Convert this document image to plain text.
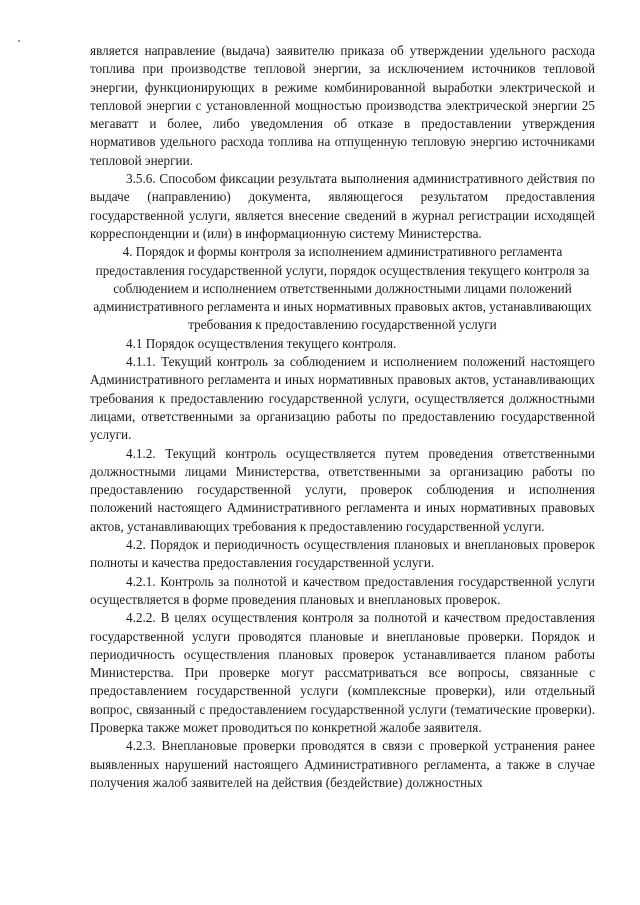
является направление (выдача) заявителю приказа об утверждении удельного расхода топлива при производстве тепловой энергии, за исключением источников тепловой энергии, функционирующих в режиме комбинированной выработки электрической и тепловой энергии с установленной мощностью производства электрической энергии 25 мегаватт и более, либо уведомления об отказе в предоставлении утверждения нормативов удельного расхода топлива на отпущенную тепловую энергию источниками тепловой энергии.

3.5.6. Способом фиксации результата выполнения административного действия по выдаче (направлению) документа, являющегося результатом предоставления государственной услуги, является внесение сведений в журнал регистрации исходящей корреспонденции и (или) в информационную систему Министерства.

4. Порядок и формы контроля за исполнением административного регламента предоставления государственной услуги, порядок осуществления текущего контроля за соблюдением и исполнением ответственными должностными лицами положений административного регламента и иных нормативных правовых актов, устанавливающих требования к предоставлению государственной услуги

4.1 Порядок осуществления текущего контроля.

4.1.1. Текущий контроль за соблюдением и исполнением положений настоящего Административного регламента и иных нормативных правовых актов, устанавливающих требования к предоставлению государственной услуги, осуществляется должностными лицами, ответственными за организацию работы по предоставлению государственной услуги.

4.1.2. Текущий контроль осуществляется путем проведения ответственными должностными лицами Министерства, ответственными за организацию работы по предоставлению государственной услуги, проверок соблюдения и исполнения положений настоящего Административного регламента и иных нормативных правовых актов, устанавливающих требования к предоставлению государственной услуги.

4.2. Порядок и периодичность осуществления плановых и внеплановых проверок полноты и качества предоставления государственной услуги.

4.2.1. Контроль за полнотой и качеством предоставления государственной услуги осуществляется в форме проведения плановых и внеплановых проверок.

4.2.2. В целях осуществления контроля за полнотой и качеством предоставления государственной услуги проводятся плановые и внеплановые проверки. Порядок и периодичность осуществления плановых проверок устанавливается планом работы Министерства. При проверке могут рассматриваться все вопросы, связанные с предоставлением государственной услуги (комплексные проверки), или отдельный вопрос, связанный с предоставлением государственной услуги (тематические проверки). Проверка также может проводиться по конкретной жалобе заявителя.

4.2.3. Внеплановые проверки проводятся в связи с проверкой устранения ранее выявленных нарушений настоящего Административного регламента, а также в случае получения жалоб заявителей на действия (бездействие) должностных
